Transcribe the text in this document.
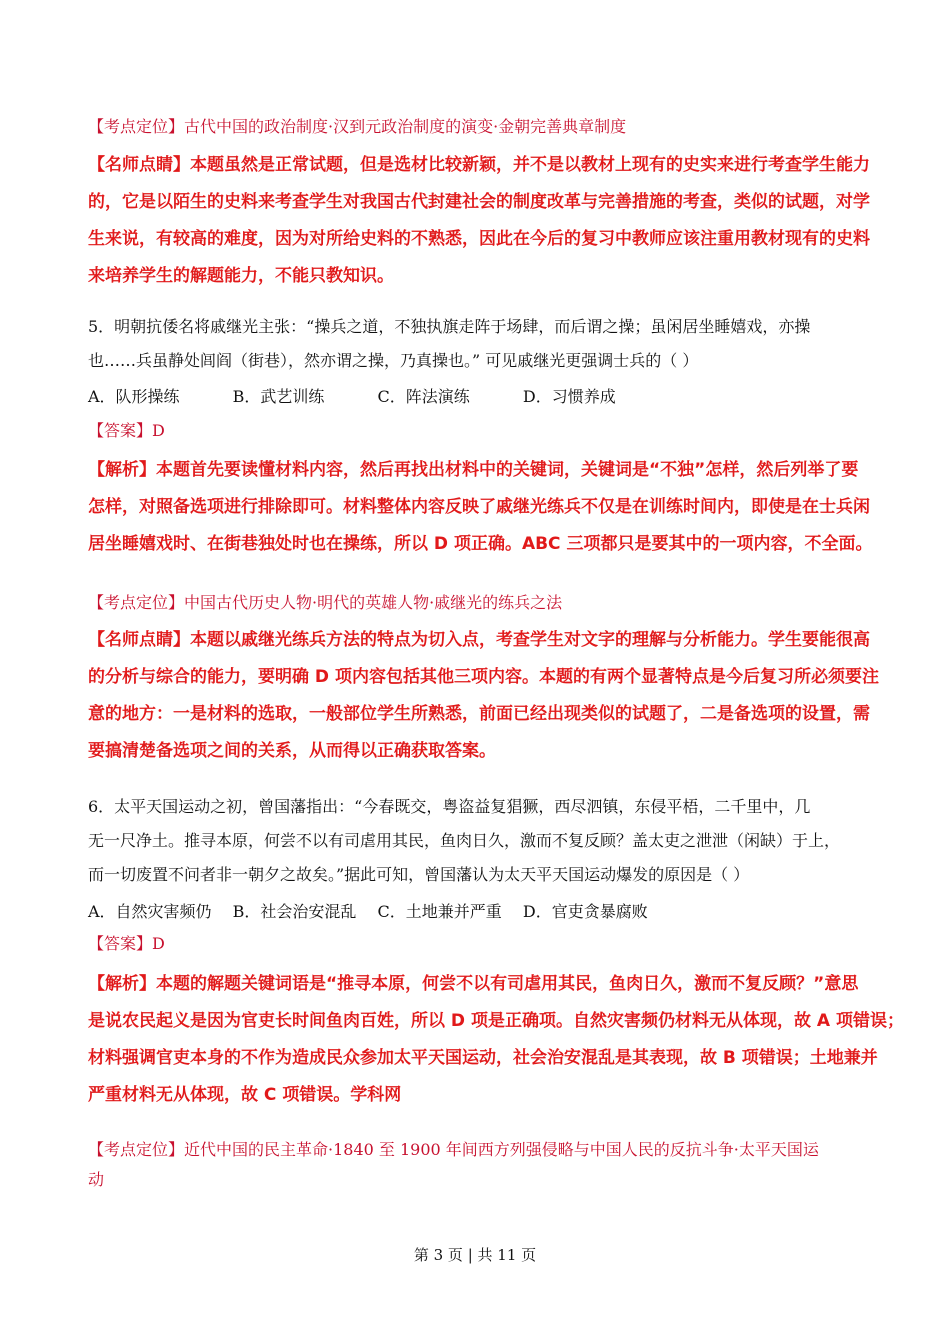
【考点定位】古代中国的政治制度·汉到元政治制度的演变·金朝完善典章制度

【名师点睛】本题虽然是正常试题，但是选材比较新颖，并不是以教材上现有的史实来进行考查学生能力

的，它是以陌生的史料来考查学生对我国古代封建社会的制度改革与完善措施的考查，类似的试题，对学

生来说，有较高的难度，因为对所给史料的不熟悉，因此在今后的复习中教师应该注重用教材现有的史料

来培养学生的解题能力，不能只教知识。

5．明朝抗倭名将戚继光主张：“操兵之道，不独执旗走阵于场肆，而后谓之操；虽闲居坐睡嬉戏，亦操

也……兵虽静处闾阎（街巷），然亦谓之操，乃真操也。” 可见戚继光更强调士兵的（ ）

A．队形操练	B．武艺训练	C．阵法演练	D．习惯养成

【答案】D

【解析】本题首先要读懂材料内容，然后再找出材料中的关键词，关键词是“不独”怎样，然后列举了要

怎样，对照备选项进行排除即可。材料整体内容反映了戚继光练兵不仅是在训练时间内，即使是在士兵闲

居坐睡嬉戏时、在街巷独处时也在操练，所以 D 项正确。ABC 三项都只是要其中的一项内容，不全面。

【考点定位】中国古代历史人物·明代的英雄人物·戚继光的练兵之法

【名师点睛】本题以戚继光练兵方法的特点为切入点，考查学生对文字的理解与分析能力。学生要能很高

的分析与综合的能力，要明确 D 项内容包括其他三项内容。本题的有两个显著特点是今后复习所必须要注

意的地方：一是材料的选取，一般部位学生所熟悉，前面已经出现类似的试题了，二是备选项的设置，需

要搞清楚备选项之间的关系，从而得以正确获取答案。

6．太平天国运动之初，曾国藩指出：“今春既交，粤盗益复猖獗，西尽泗镇，东侵平梧，二千里中，几

无一尺净土。推寻本原，何尝不以有司虐用其民，鱼肉日久，激而不复反顾？盖太吏之泄泄（闲缺）于上，

而一切废置不问者非一朝夕之故矣。”据此可知，曾国藩认为太天平天国运动爆发的原因是（ ）

A．自然灾害频仍 B．社会治安混乱 C．土地兼并严重 D．官吏贪暴腐败

【答案】D

【解析】本题的解题关键词语是“推寻本原，何尝不以有司虐用其民，鱼肉日久，激而不复反顾？”意思

是说农民起义是因为官吏长时间鱼肉百姓，所以 D 项是正确项。自然灾害频仍材料无从体现，故 A 项错误；

材料强调官吏本身的不作为造成民众参加太平天国运动，社会治安混乱是其表现，故 B 项错误；土地兼并

严重材料无从体现，故 C 项错误。学科网

【考点定位】近代中国的民主革命·1840 至 1900 年间西方列强侵略与中国人民的反抗斗争·太平天国运

动

第 3 页 | 共 11 页
